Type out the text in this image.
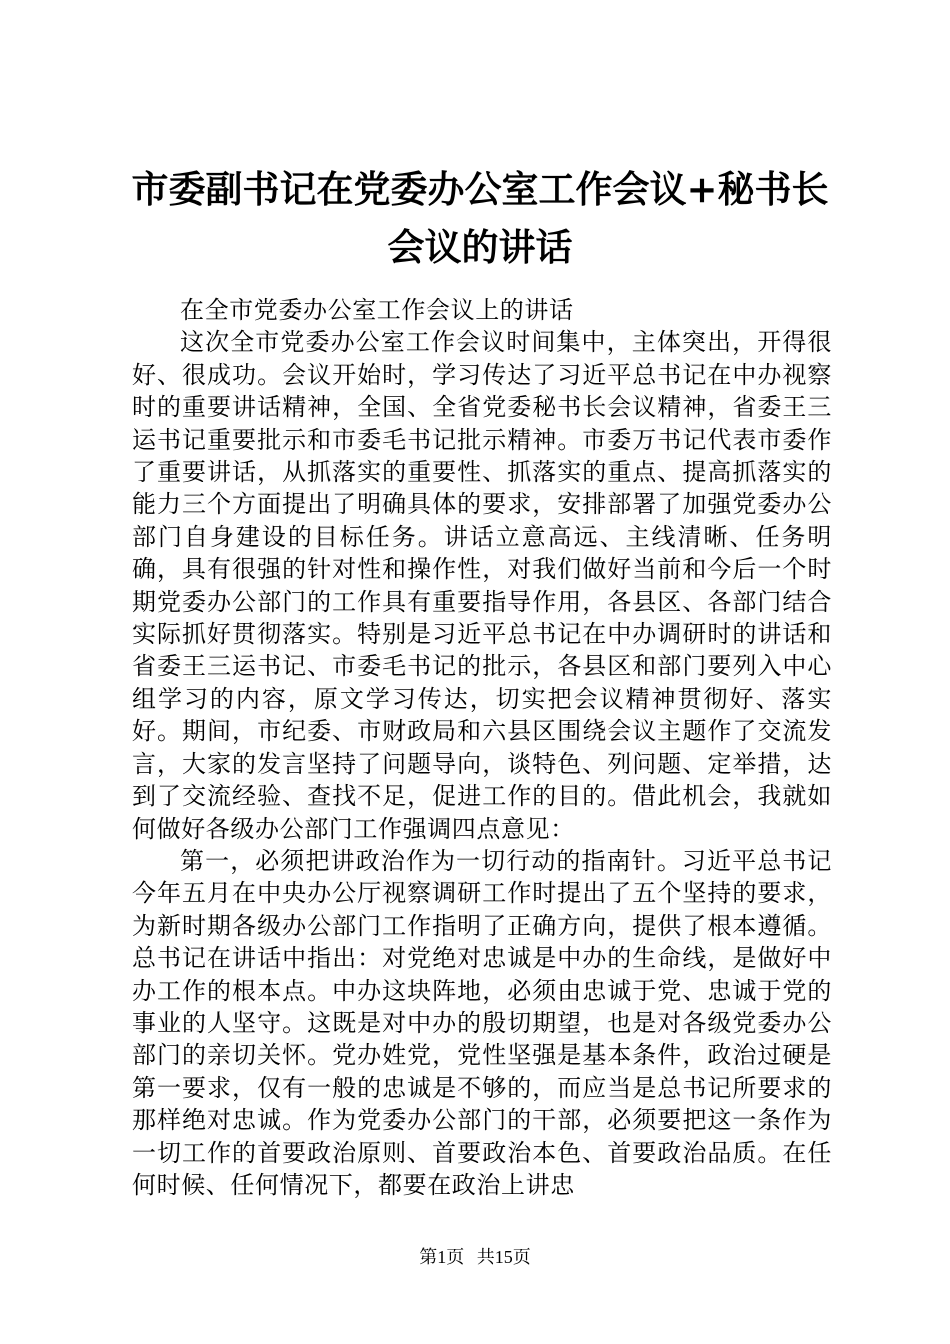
市委副书记在党委办公室工作会议+秘书长会议的讲话

在全市党委办公室工作会议上的讲话

这次全市党委办公室工作会议时间集中，主体突出，开得很好、很成功。会议开始时，学习传达了习近平总书记在中办视察时的重要讲话精神，全国、全省党委秘书长会议精神，省委王三运书记重要批示和市委毛书记批示精神。市委万书记代表市委作了重要讲话，从抓落实的重要性、抓落实的重点、提高抓落实的能力三个方面提出了明确具体的要求，安排部署了加强党委办公部门自身建设的目标任务。讲话立意高远、主线清晰、任务明确，具有很强的针对性和操作性，对我们做好当前和今后一个时期党委办公部门的工作具有重要指导作用，各县区、各部门结合实际抓好贯彻落实。特别是习近平总书记在中办调研时的讲话和省委王三运书记、市委毛书记的批示，各县区和部门要列入中心组学习的内容，原文学习传达，切实把会议精神贯彻好、落实好。期间，市纪委、市财政局和六县区围绕会议主题作了交流发言，大家的发言坚持了问题导向，谈特色、列问题、定举措，达到了交流经验、查找不足，促进工作的目的。借此机会，我就如何做好各级办公部门工作强调四点意见：

第一，必须把讲政治作为一切行动的指南针。习近平总书记今年五月在中央办公厅视察调研工作时提出了五个坚持的要求，为新时期各级办公部门工作指明了正确方向，提供了根本遵循。总书记在讲话中指出：对党绝对忠诚是中办的生命线，是做好中办工作的根本点。中办这块阵地，必须由忠诚于党、忠诚于党的事业的人坚守。这既是对中办的殷切期望，也是对各级党委办公部门的亲切关怀。党办姓党，党性坚强是基本条件，政治过硬是第一要求，仅有一般的忠诚是不够的，而应当是总书记所要求的那样绝对忠诚。作为党委办公部门的干部，必须要把这一条作为一切工作的首要政治原则、首要政治本色、首要政治品质。在任何时候、任何情况下，都要在政治上讲忠

第1页 共15页
